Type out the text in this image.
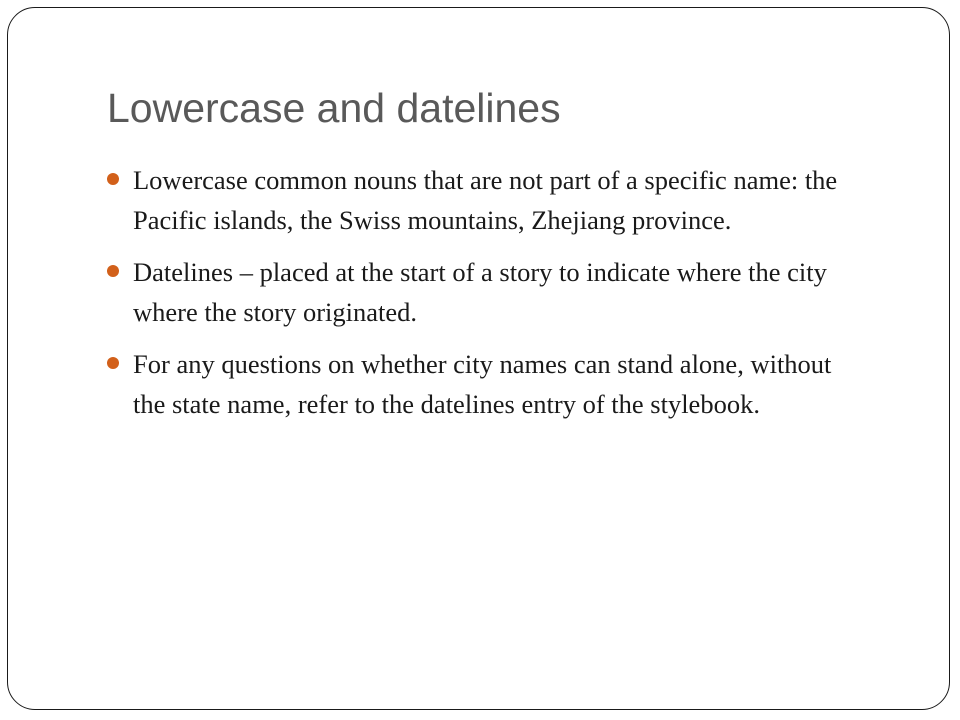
Lowercase and datelines
Lowercase common nouns that are not part of a specific name: the Pacific islands, the Swiss mountains, Zhejiang province.
Datelines – placed at the start of a story to indicate where the city where the story originated.
For any questions on whether city names can stand alone, without the state name, refer to the datelines entry of the stylebook.
